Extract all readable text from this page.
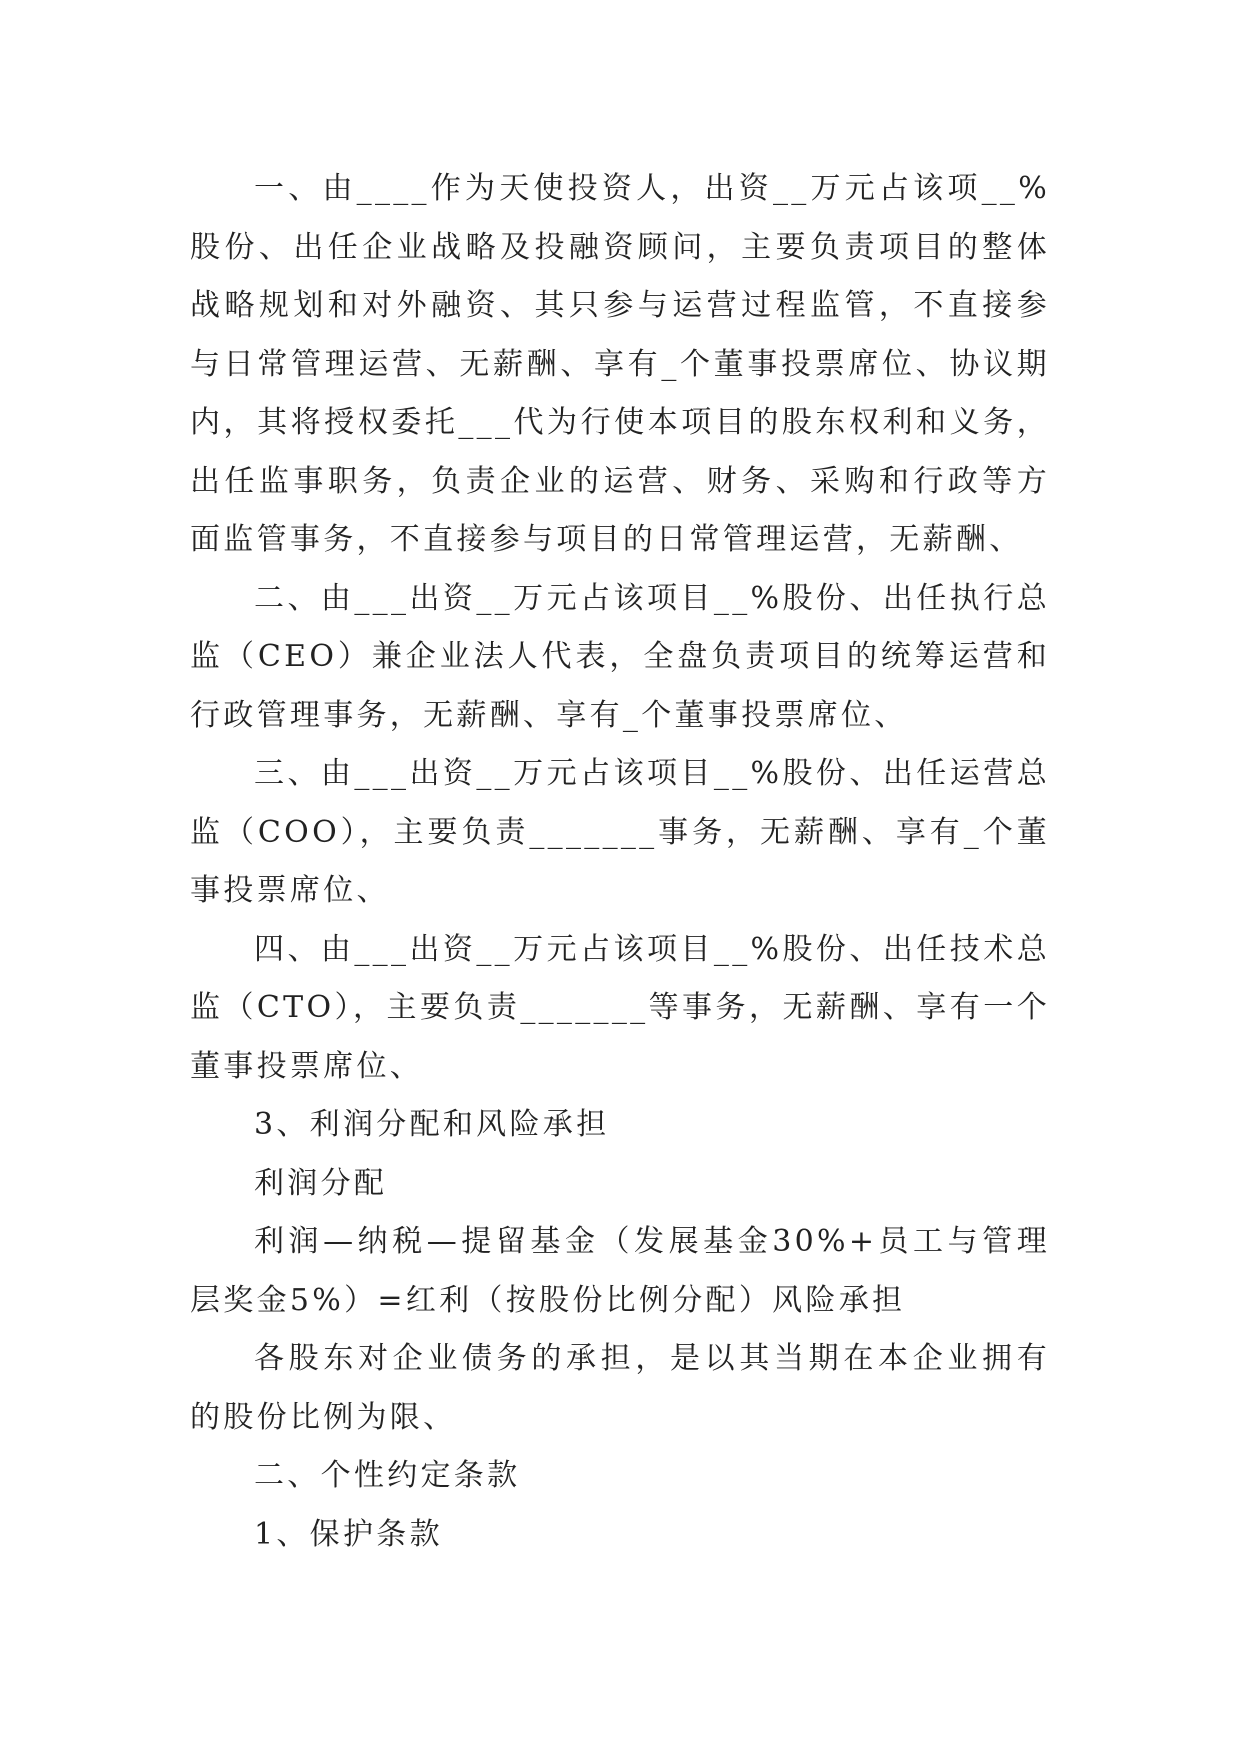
一、由____作为天使投资人，出资__万元占该项__%股份、出任企业战略及投融资顾问，主要负责项目的整体战略规划和对外融资、其只参与运营过程监管，不直接参与日常管理运营、无薪酬、享有_个董事投票席位、协议期内，其将授权委托___代为行使本项目的股东权利和义务，出任监事职务，负责企业的运营、财务、采购和行政等方面监管事务，不直接参与项目的日常管理运营，无薪酬、

二、由___出资__万元占该项目__%股份、出任执行总监（CEO）兼企业法人代表，全盘负责项目的统筹运营和行政管理事务，无薪酬、享有_个董事投票席位、

三、由___出资__万元占该项目__%股份、出任运营总监（COO），主要负责_______事务，无薪酬、享有_个董事投票席位、

四、由___出资__万元占该项目__%股份、出任技术总监（CTO），主要负责_______等事务，无薪酬、享有一个董事投票席位、

3、利润分配和风险承担

利润分配

利润—纳税—提留基金（发展基金30%+员工与管理层奖金5%）=红利（按股份比例分配）风险承担

各股东对企业债务的承担，是以其当期在本企业拥有的股份比例为限、

二、个性约定条款

1、保护条款
